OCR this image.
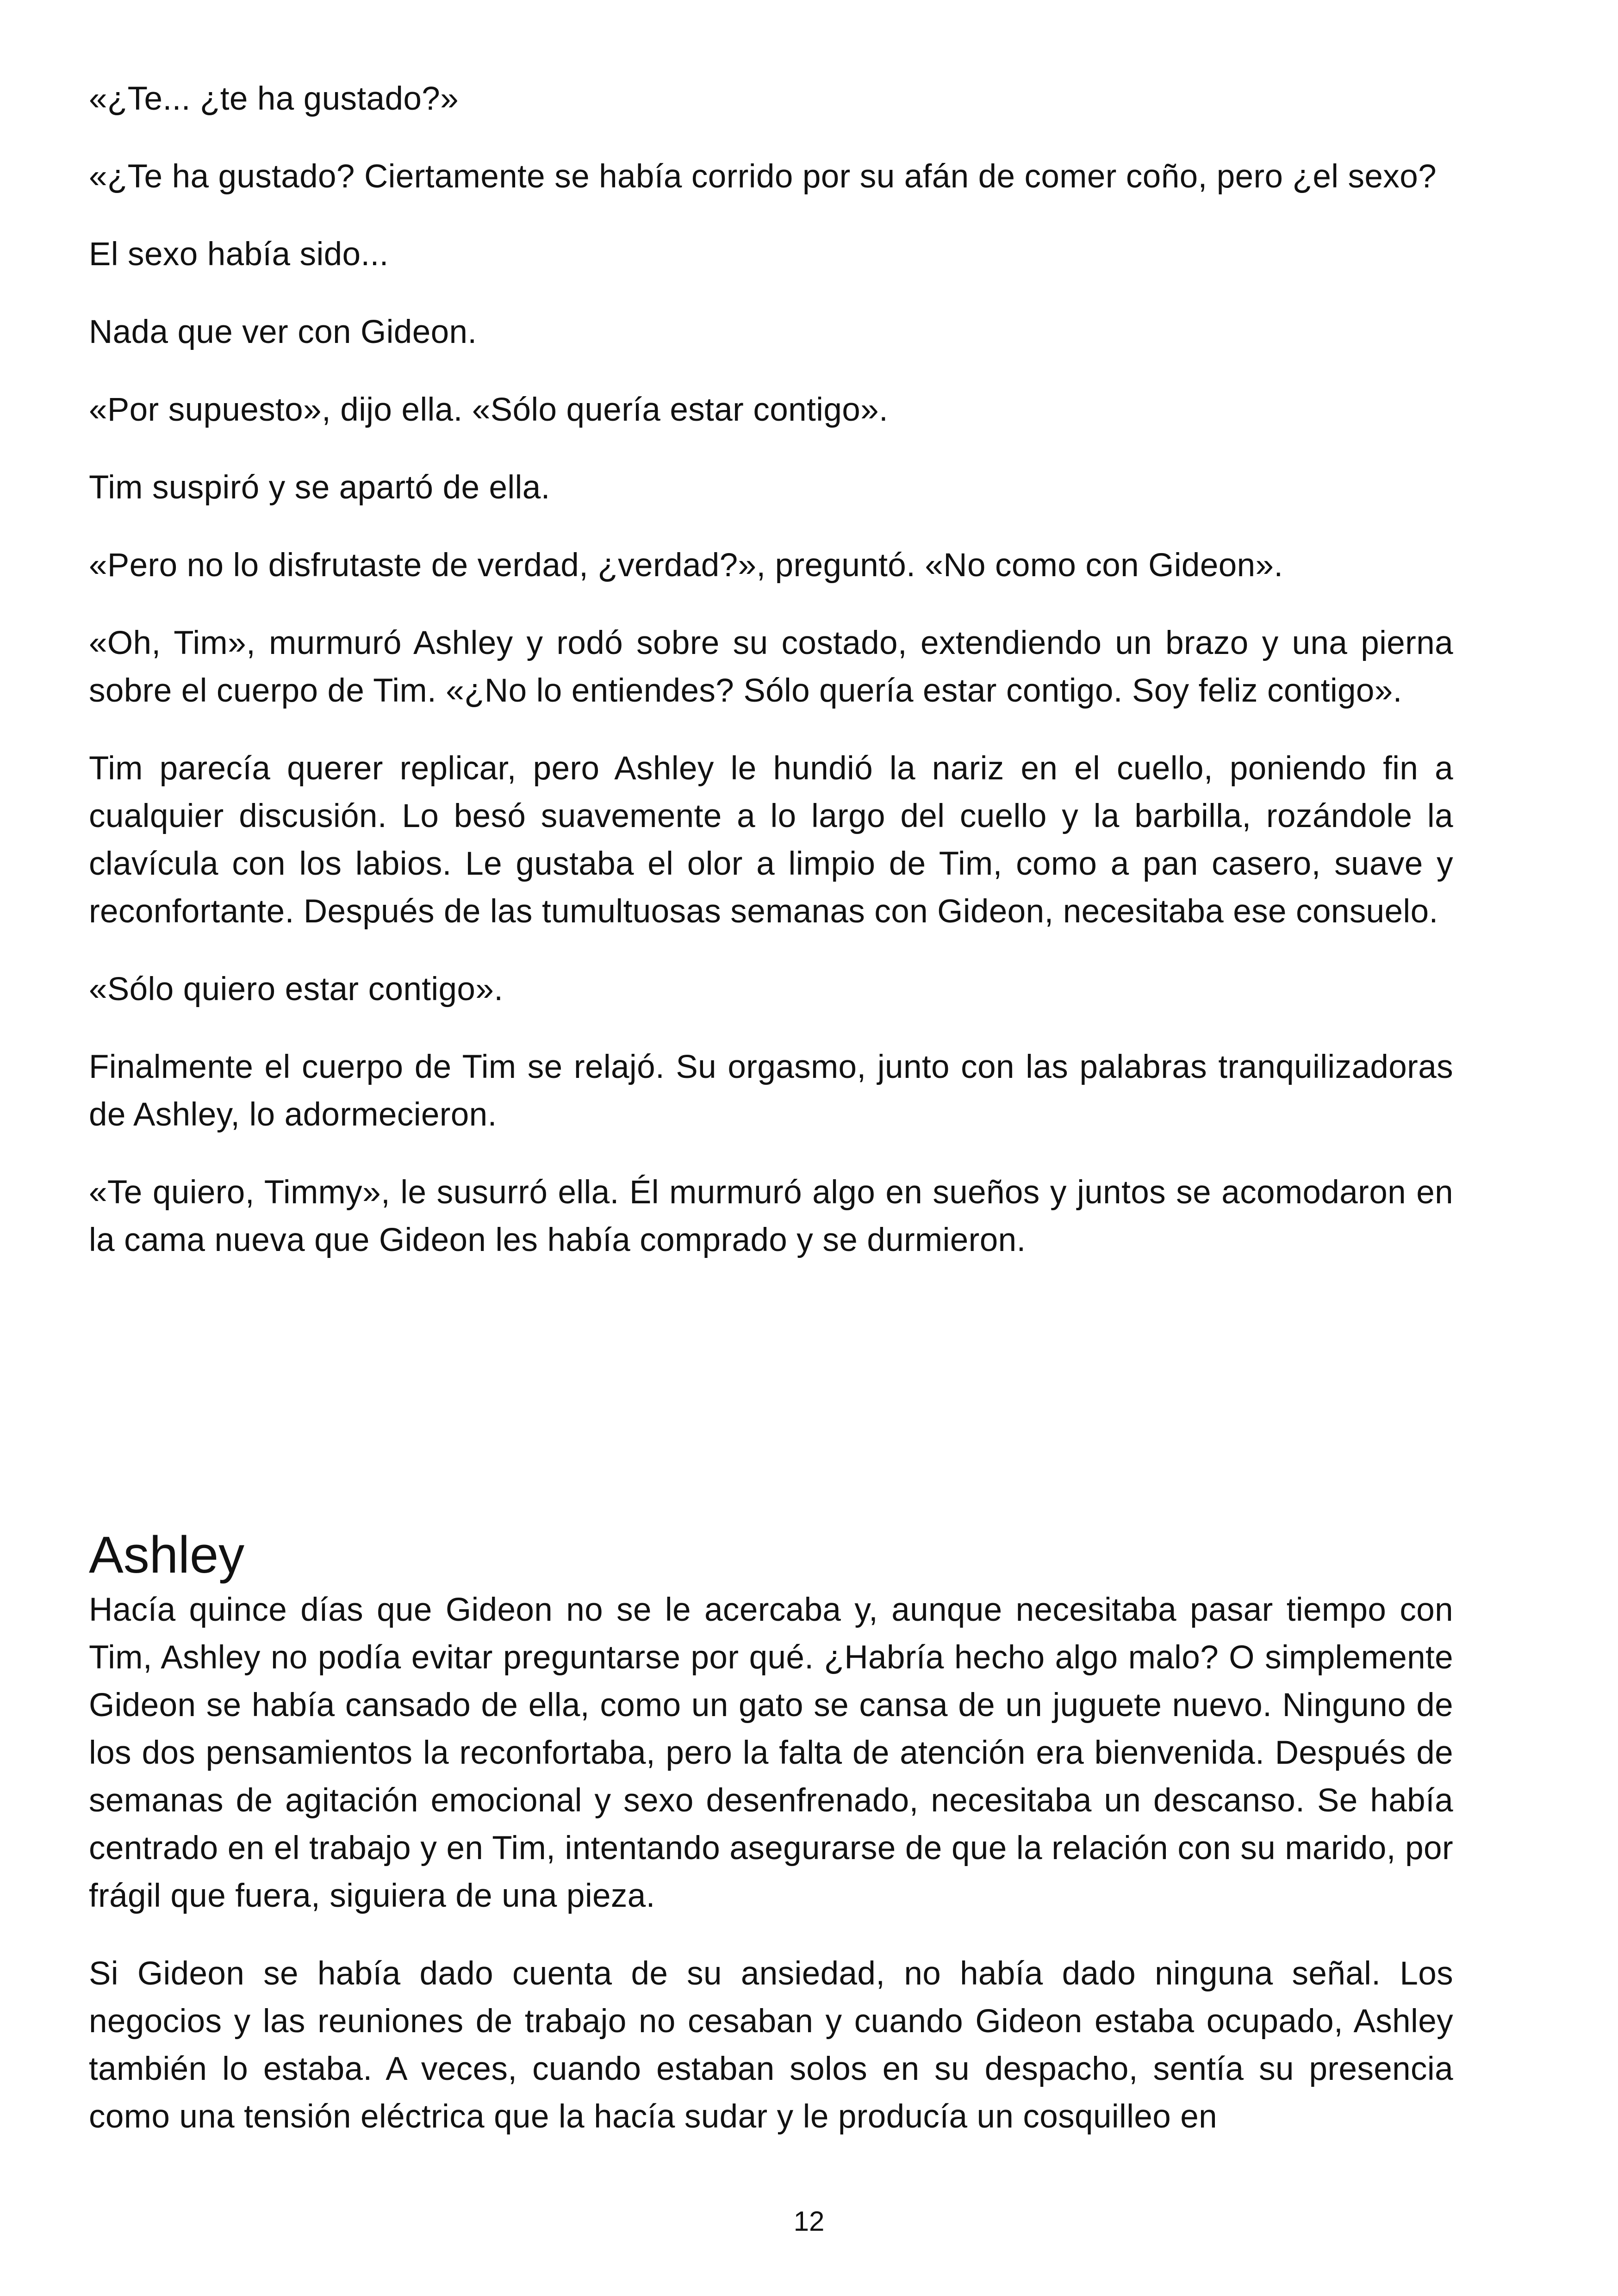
«¿Te... ¿te ha gustado?»

«¿Te ha gustado? Ciertamente se había corrido por su afán de comer coño, pero ¿el sexo?

El sexo había sido...

Nada que ver con Gideon.

«Por supuesto», dijo ella. «Sólo quería estar contigo».

Tim suspiró y se apartó de ella.

«Pero no lo disfrutaste de verdad, ¿verdad?», preguntó. «No como con Gideon».

«Oh, Tim», murmuró Ashley y rodó sobre su costado, extendiendo un brazo y una pierna sobre el cuerpo de Tim. «¿No lo entiendes? Sólo quería estar contigo. Soy feliz contigo».

Tim parecía querer replicar, pero Ashley le hundió la nariz en el cuello, poniendo fin a cualquier discusión. Lo besó suavemente a lo largo del cuello y la barbilla, rozándole la clavícula con los labios. Le gustaba el olor a limpio de Tim, como a pan casero, suave y reconfortante. Después de las tumultuosas semanas con Gideon, necesitaba ese consuelo.

«Sólo quiero estar contigo».

Finalmente el cuerpo de Tim se relajó. Su orgasmo, junto con las palabras tranquilizadoras de Ashley, lo adormecieron.

«Te quiero, Timmy», le susurró ella. Él murmuró algo en sueños y juntos se acomodaron en la cama nueva que Gideon les había comprado y se durmieron.

Ashley

Hacía quince días que Gideon no se le acercaba y, aunque necesitaba pasar tiempo con Tim, Ashley no podía evitar preguntarse por qué. ¿Habría hecho algo malo? O simplemente Gideon se había cansado de ella, como un gato se cansa de un juguete nuevo. Ninguno de los dos pensamientos la reconfortaba, pero la falta de atención era bienvenida. Después de semanas de agitación emocional y sexo desenfrenado, necesitaba un descanso. Se había centrado en el trabajo y en Tim, intentando asegurarse de que la relación con su marido, por frágil que fuera, siguiera de una pieza.

Si Gideon se había dado cuenta de su ansiedad, no había dado ninguna señal. Los negocios y las reuniones de trabajo no cesaban y cuando Gideon estaba ocupado, Ashley también lo estaba. A veces, cuando estaban solos en su despacho, sentía su presencia como una tensión eléctrica que la hacía sudar y le producía un cosquilleo en

12
